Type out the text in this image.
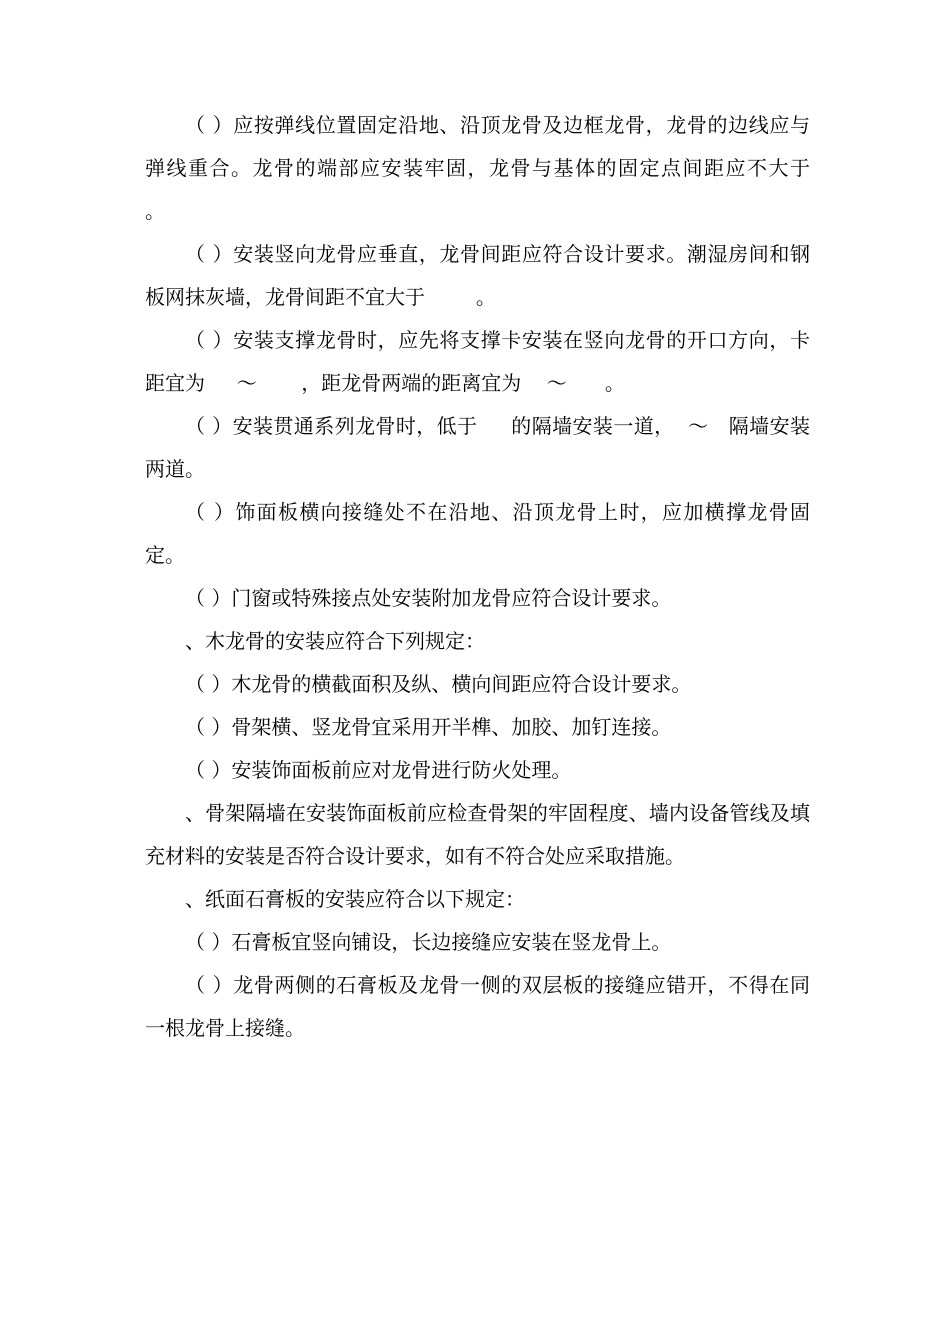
（ ）应按弹线位置固定沿地、沿顶龙骨及边框龙骨，龙骨的边线应与弹线重合。龙骨的端部应安装牢固，龙骨与基体的固定点间距应不大于     。

（ ）安装竖向龙骨应垂直，龙骨间距应符合设计要求。潮湿房间和钢板网抹灰墙，龙骨间距不宜大于        。

（ ）安装支撑龙骨时，应先将支撑卡安装在竖向龙骨的开口方向，卡距宜为     ～       ，距龙骨两端的距离宜为    ～      。

（ ）安装贯通系列龙骨时，低于     的隔墙安装一道，  ～   隔墙安装两道。

（ ）饰面板横向接缝处不在沿地、沿顶龙骨上时，应加横撑龙骨固定。

（ ）门窗或特殊接点处安装附加龙骨应符合设计要求。

、木龙骨的安装应符合下列规定：

（ ）木龙骨的横截面积及纵、横向间距应符合设计要求。

（ ）骨架横、竖龙骨宜采用开半榫、加胶、加钉连接。

（ ）安装饰面板前应对龙骨进行防火处理。

、骨架隔墙在安装饰面板前应检查骨架的牢固程度、墙内设备管线及填充材料的安装是否符合设计要求，如有不符合处应采取措施。

、纸面石膏板的安装应符合以下规定：

（ ）石膏板宜竖向铺设，长边接缝应安装在竖龙骨上。

（ ）龙骨两侧的石膏板及龙骨一侧的双层板的接缝应错开，不得在同一根龙骨上接缝。
